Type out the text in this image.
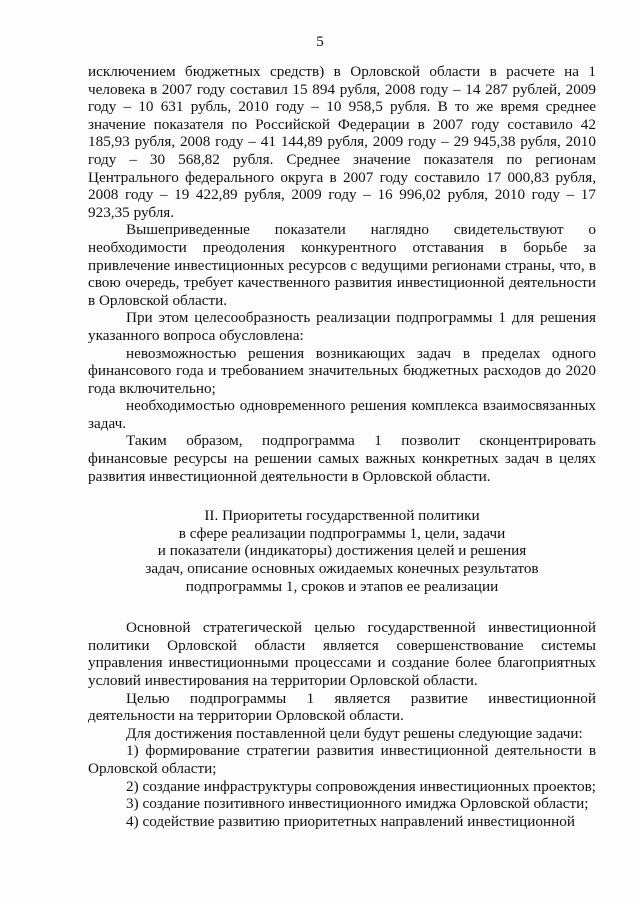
5

исключением бюджетных средств) в Орловской области в расчете на 1 человека в 2007 году составил 15 894 рубля, 2008 году – 14 287 рублей, 2009 году – 10 631 рубль, 2010 году – 10 958,5 рубля. В то же время среднее значение показателя по Российской Федерации в 2007 году составило 42 185,93 рубля, 2008 году – 41 144,89 рубля, 2009 году – 29 945,38 рубля, 2010 году – 30 568,82 рубля. Среднее значение показателя по регионам Центрального федерального округа в 2007 году составило 17 000,83 рубля, 2008 году – 19 422,89 рубля, 2009 году – 16 996,02 рубля, 2010 году – 17 923,35 рубля.

Вышеприведенные показатели наглядно свидетельствуют о необходимости преодоления конкурентного отставания в борьбе за привлечение инвестиционных ресурсов с ведущими регионами страны, что, в свою очередь, требует качественного развития инвестиционной деятельности в Орловской области.

При этом целесообразность реализации подпрограммы 1 для решения указанного вопроса обусловлена:

невозможностью решения возникающих задач в пределах одного финансового года и требованием значительных бюджетных расходов до 2020 года включительно;

необходимостью одновременного решения комплекса взаимосвязанных задач.

Таким образом, подпрограмма 1 позволит сконцентрировать финансовые ресурсы на решении самых важных конкретных задач в целях развития инвестиционной деятельности в Орловской области.

II. Приоритеты государственной политики
в сфере реализации подпрограммы 1, цели, задачи
и показатели (индикаторы) достижения целей и решения
задач, описание основных ожидаемых конечных результатов
подпрограммы 1, сроков и этапов ее реализации

Основной стратегической целью государственной инвестиционной политики Орловской области является совершенствование системы управления инвестиционными процессами и создание более благоприятных условий инвестирования на территории Орловской области.

Целью подпрограммы 1 является развитие инвестиционной деятельности на территории Орловской области.

Для достижения поставленной цели будут решены следующие задачи:

1) формирование стратегии развития инвестиционной деятельности в Орловской области;

2) создание инфраструктуры сопровождения инвестиционных проектов;

3) создание позитивного инвестиционного имиджа Орловской области;

4) содействие развитию приоритетных направлений инвестиционной
